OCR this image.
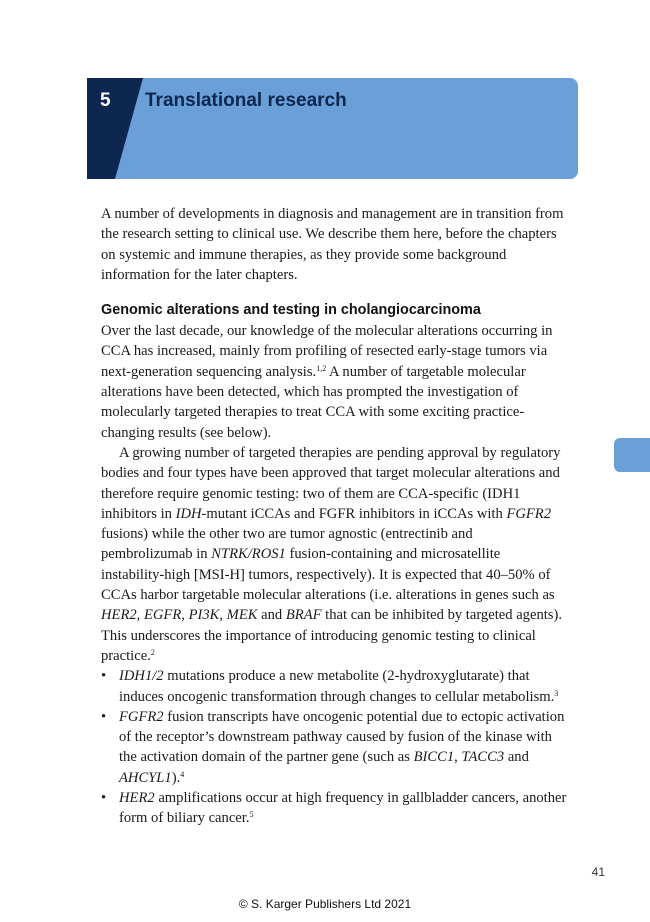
5 Translational research

A number of developments in diagnosis and management are in transition from the research setting to clinical use. We describe them here, before the chapters on systemic and immune therapies, as they provide some background information for the later chapters.

Genomic alterations and testing in cholangiocarcinoma

Over the last decade, our knowledge of the molecular alterations occurring in CCA has increased, mainly from profiling of resected early-stage tumors via next-generation sequencing analysis.$^{1,2}$ A number of targetable molecular alterations have been detected, which has prompted the investigation of molecularly targeted therapies to treat CCA with some exciting practice-changing results (see below).

A growing number of targeted therapies are pending approval by regulatory bodies and four types have been approved that target molecular alterations and therefore require genomic testing: two of them are CCA-specific (IDH1 inhibitors in IDH-mutant iCCAs and FGFR inhibitors in iCCAs with FGFR2 fusions) while the other two are tumor agnostic (entrectinib and pembrolizumab in NTRK/ROS1 fusion-containing and microsatellite instability-high [MSI-H] tumors, respectively). It is expected that 40–50% of CCAs harbor targetable molecular alterations (i.e. alterations in genes such as HER2, EGFR, PI3K, MEK and BRAF that can be inhibited by targeted agents). This underscores the importance of introducing genomic testing to clinical practice.$^2$

• IDH1/2 mutations produce a new metabolite (2-hydroxyglutarate) that induces oncogenic transformation through changes to cellular metabolism.$^3$
• FGFR2 fusion transcripts have oncogenic potential due to ectopic activation of the receptor’s downstream pathway caused by fusion of the kinase with the activation domain of the partner gene (such as BICC1, TACC3 and AHCYL1).$^4$
• HER2 amplifications occur at high frequency in gallbladder cancers, another form of biliary cancer.$^5$
41
© S. Karger Publishers Ltd 2021
